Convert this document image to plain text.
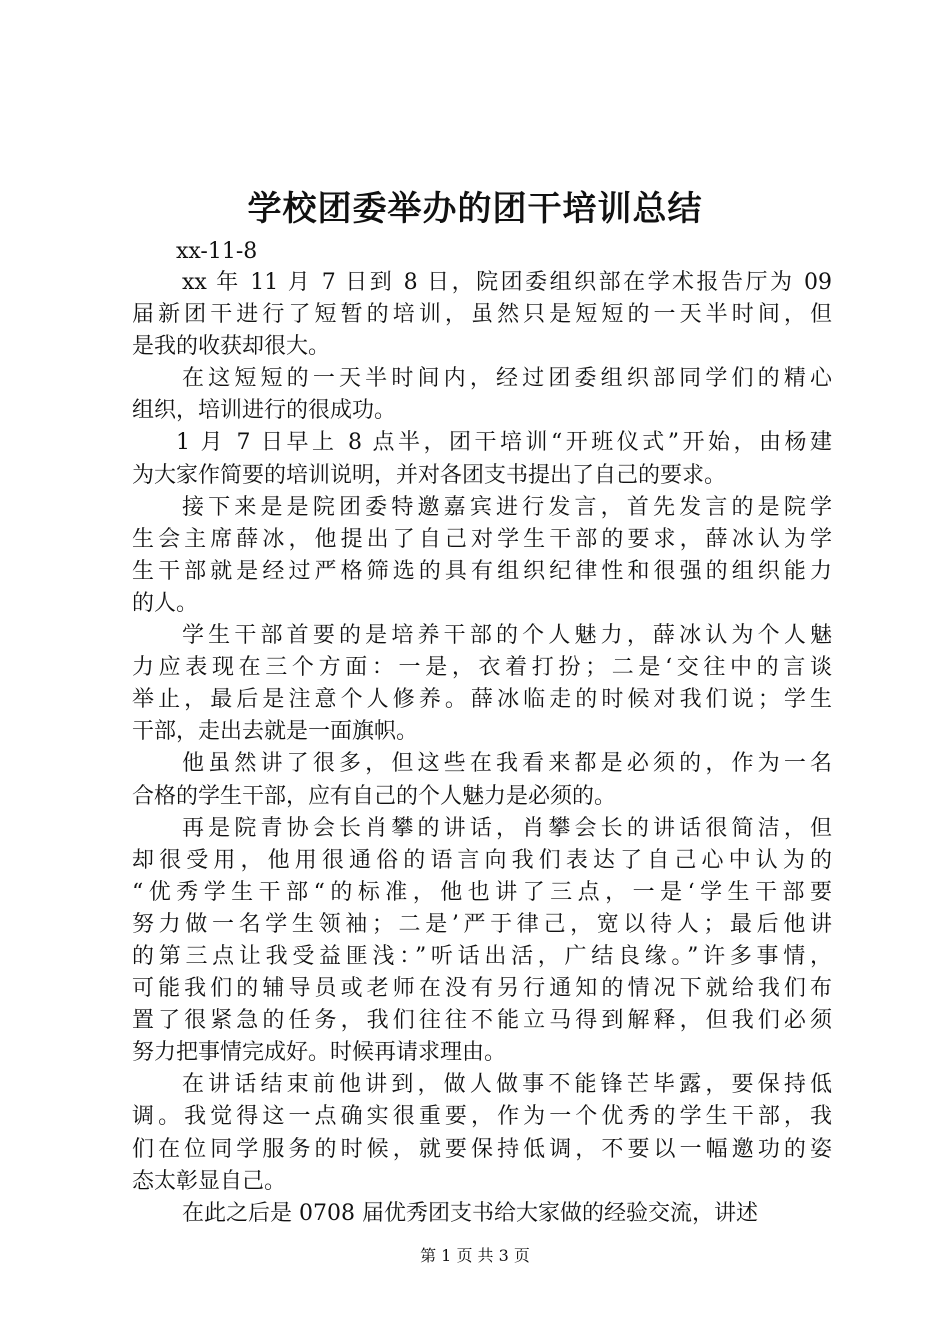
学校团委举办的团干培训总结
xx-11-8
xx 年 11 月 7 日到 8 日，院团委组织部在学术报告厅为 09
届新团干进行了短暂的培训，虽然只是短短的一天半时间，但
是我的收获却很大。
在这短短的一天半时间内，经过团委组织部同学们的精心
组织，培训进行的很成功。
1 月 7 日早上 8 点半，团干培训“开班仪式”开始，由杨建
为大家作简要的培训说明，并对各团支书提出了自己的要求。
接下来是是院团委特邀嘉宾进行发言，首先发言的是院学
生会主席薛冰，他提出了自己对学生干部的要求，薛冰认为学
生干部就是经过严格筛选的具有组织纪律性和很强的组织能力
的人。
学生干部首要的是培养干部的个人魅力，薛冰认为个人魅
力应表现在三个方面：一是，衣着打扮；二是‘交往中的言谈
举止，最后是注意个人修养。薛冰临走的时候对我们说；学生
干部，走出去就是一面旗帜。
他虽然讲了很多，但这些在我看来都是必须的，作为一名
合格的学生干部，应有自己的个人魅力是必须的。
再是院青协会长肖攀的讲话，肖攀会长的讲话很简洁，但
却很受用，他用很通俗的语言向我们表达了自己心中认为的
“优秀学生干部“的标准，他也讲了三点，一是‘学生干部要
努力做一名学生领袖；二是’严于律己，宽以待人；最后他讲
的第三点让我受益匪浅：”听话出活，广结良缘。”许多事情，
可能我们的辅导员或老师在没有另行通知的情况下就给我们布
置了很紧急的任务，我们往往不能立马得到解释，但我们必须
努力把事情完成好。时候再请求理由。
在讲话结束前他讲到，做人做事不能锋芒毕露，要保持低
调。我觉得这一点确实很重要，作为一个优秀的学生干部，我
们在位同学服务的时候，就要保持低调，不要以一幅邀功的姿
态太彰显自己。
在此之后是 0708 届优秀团支书给大家做的经验交流，讲述
第 1 页 共 3 页
